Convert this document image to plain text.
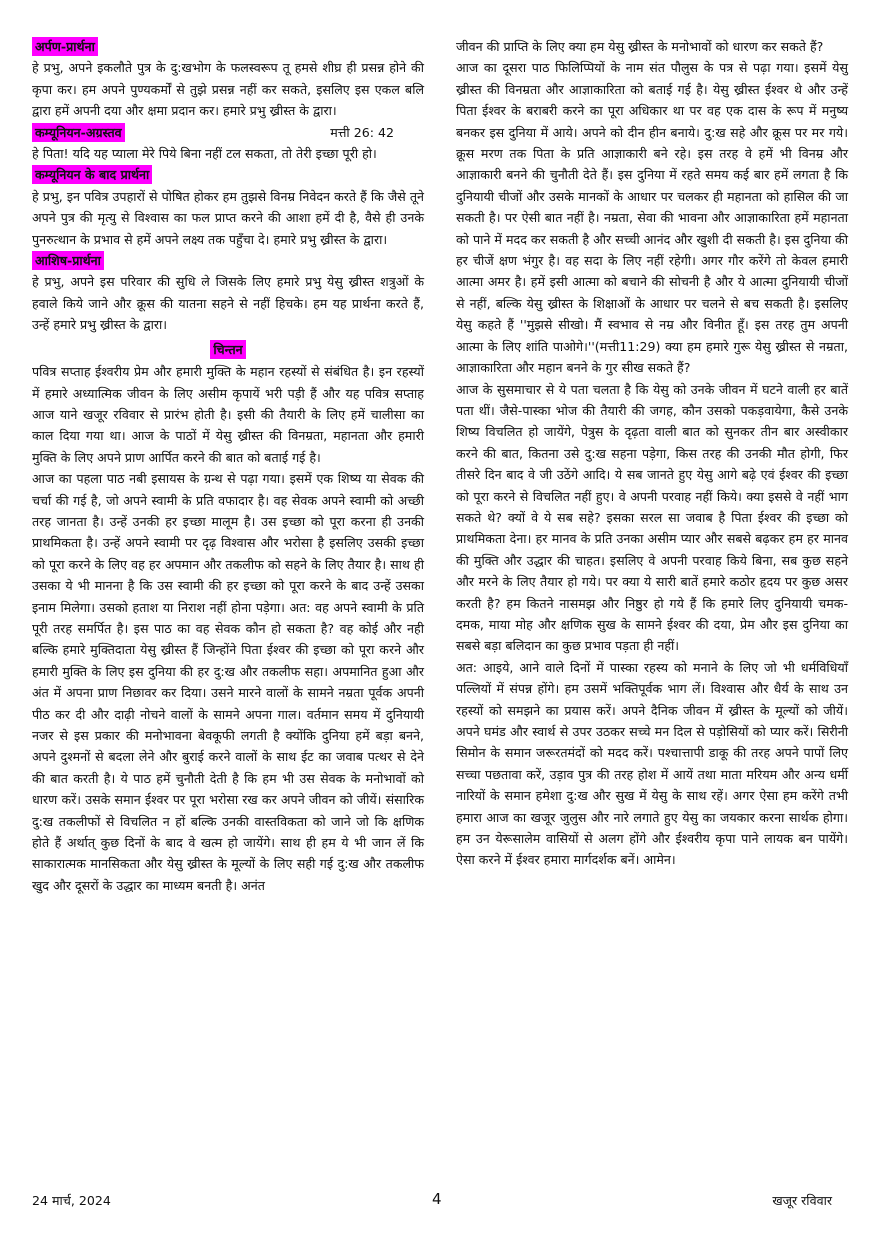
अर्पण-प्रार्थना

हे प्रभु, अपने इकलौते पुत्र के दु:खभोग के फलस्वरूप तू हमसे शीघ्र ही प्रसन्न होने की कृपा कर। हम अपने पुण्यकर्मों से तुझे प्रसन्न नहीं कर सकते, इसलिए इस एकल बलि द्वारा हमें अपनी दया और क्षमा प्रदान कर। हमारे प्रभु ख्रीस्त के द्वारा।

कम्यूनियन-अग्रस्तव	मत्ती 26: 42

हे पिता! यदि यह प्याला मेरे पिये बिना नहीं टल सकता, तो तेरी इच्छा पूरी हो।

कम्यूनियन के बाद प्रार्थना

हे प्रभु, इन पवित्र उपहारों से पोषित होकर हम तुझसे विनम्र निवेदन करते हैं कि जैसे तूने अपने पुत्र की मृत्यु से विश्वास का फल प्राप्त करने की आशा हमें दी है, वैसे ही उनके पुनरुत्थान के प्रभाव से हमें अपने लक्ष्य तक पहुँचा दे। हमारे प्रभु ख्रीस्त के द्वारा।

आशिष-प्रार्थना

हे प्रभु, अपने इस परिवार की सुधि ले जिसके लिए हमारे प्रभु येसु ख्रीस्त शत्रुओं के हवाले किये जाने और क्रूस की यातना सहने से नहीं हिचके। हम यह प्रार्थना करते हैं, उन्हें हमारे प्रभु ख्रीस्त के द्वारा।

चिन्तन

पवित्र सप्ताह ईश्वरीय प्रेम और हमारी मुक्ति के महान रहस्यों से संबंधित है। इन रहस्यों में हमारे अध्यात्मिक जीवन के लिए असीम कृपायें भरी पड़ी हैं और यह पवित्र सप्ताह आज याने खजूर रविवार से प्रारंभ होती है। इसी की तैयारी के लिए हमें चालीसा का काल दिया गया था। आज के पाठों में येसु ख्रीस्त की विनम्रता, महानता और हमारी मुक्ति के लिए अपने प्राण आर्पित करने की बात को बताई गई है।

आज का पहला पाठ नबी इसायस के ग्रन्थ से पढ़ा गया। इसमें एक शिष्य या सेवक की चर्चा की गई है, जो अपने स्वामी के प्रति वफादार है। वह सेवक अपने स्वामी को अच्छी तरह जानता है। उन्हें उनकी हर इच्छा मालूम है। उस इच्छा को पूरा करना ही उनकी प्राथमिकता है। उन्हें अपने स्वामी पर दृढ़ विश्वास और भरोसा है इसलिए उसकी इच्छा को पूरा करने के लिए वह हर अपमान और तकलीफ को सहने के लिए तैयार है। साथ ही उसका ये भी मानना है कि उस स्वामी की हर इच्छा को पूरा करने के बाद उन्हें उसका इनाम मिलेगा। उसको हताश या निराश नहीं होना पड़ेगा। अत: वह अपने स्वामी के प्रति पूरी तरह समर्पित है। इस पाठ का वह सेवक कौन हो सकता है? वह कोई और नही बल्कि हमारे मुक्तिदाता येसु ख्रीस्त हैं जिन्होंने पिता ईश्वर की इच्छा को पूरा करने और हमारी मुक्ति के लिए इस दुनिया की हर दु:ख और तकलीफ सहा। अपमानित हुआ और अंत में अपना प्राण निछावर कर दिया। उसने मारने वालों के सामने नम्रता पूर्वक अपनी पीठ कर दी और दाढ़ी नोचने वालों के सामने अपना गाल। वर्तमान समय में दुनियायी नजर से इस प्रकार की मनोभावना बेवकूफी लगती है क्योंकि दुनिया हमें बड़ा बनने, अपने दुश्मनों से बदला लेने और बुराई करने वालों के साथ ईट का जवाब पत्थर से देने की बात करती है। ये पाठ हमें चुनौती देती है कि हम भी उस सेवक के मनोभावों को धारण करें। उसके समान ईश्वर पर पूरा भरोसा रख कर अपने जीवन को जीयें। संसारिक दु:ख तकलीफों से विचलित न हों बल्कि उनकी वास्तविकता को जाने जो कि क्षणिक होते हैं अर्थात् कुछ दिनों के बाद वे खत्म हो जायेंगे। साथ ही हम ये भी जान लें कि साकारात्मक मानसिकता और येसु ख्रीस्त के मूल्यों के लिए सही गई दु:ख और तकलीफ खुद और दूसरों के उद्धार का माध्यम बनती है। अनंत

जीवन की प्राप्ति के लिए क्या हम येसु ख्रीस्त के मनोभावों को धारण कर सकते हैं?

आज का दूसरा पाठ फिलिप्पियों के नाम संत पौलुस के पत्र से पढ़ा गया। इसमें येसु ख्रीस्त की विनम्रता और आज्ञाकारिता को बताई गई है। येसु ख्रीस्त ईश्वर थे और उन्हें पिता ईश्वर के बराबरी करने का पूरा अधिकार था पर वह एक दास के रूप में मनुष्य बनकर इस दुनिया में आये। अपने को दीन हीन बनाये। दु:ख सहे और क्रूस पर मर गये। क्रूस मरण तक पिता के प्रति आज्ञाकारी बने रहे। इस तरह वे हमें भी विनम्र और आज्ञाकारी बनने की चुनौती देते हैं। इस दुनिया में रहते समय कई बार हमें लगता है कि दुनियायी चीजों और उसके मानकों के आधार पर चलकर ही महानता को हासिल की जा सकती है। पर ऐसी बात नहीं है। नम्रता, सेवा की भावना और आज्ञाकारिता हमें महानता को पाने में मदद कर सकती है और सच्ची आनंद और खुशी दी सकती है। इस दुनिया की हर चीजें क्षण भंगुर है। वह सदा के लिए नहीं रहेगी। अगर गौर करेंगे तो केवल हमारी आत्मा अमर है। हमें इसी आत्मा को बचाने की सोचनी है और ये आत्मा दुनियायी चीजों से नहीं, बल्कि येसु ख्रीस्त के शिक्षाओं के आधार पर चलने से बच सकती है। इसलिए येसु कहते हैं ''मुझसे सीखो। मैं स्वभाव से नम्र और विनीत हूँ। इस तरह तुम अपनी आत्मा के लिए शांति पाओगे।''(मत्ती11:29) क्या हम हमारे गुरू येसु ख्रीस्त से नम्रता, आज्ञाकारिता और महान बनने के गुर सीख सकते हैं?

आज के सुसमाचार से ये पता चलता है कि येसु को उनके जीवन में घटने वाली हर बातें पता थीं। जैसे-पास्का भोज की तैयारी की जगह, कौन उसको पकड़वायेगा, कैसे उनके शिष्य विचलित हो जायेंगे, पेत्रुस के दृढ़ता वाली बात को सुनकर तीन बार अस्वीकार करने की बात, कितना उसे दु:ख सहना पड़ेगा, किस तरह की उनकी मौत होगी, फिर तीसरे दिन बाद वे जी उठेंगे आदि। ये सब जानते हुए येसु आगे बढ़े एवं ईश्वर की इच्छा को पूरा करने से विचलित नहीं हुए। वे अपनी परवाह नहीं किये। क्या इससे वे नहीं भाग सकते थे? क्यों वे ये सब सहे? इसका सरल सा जवाब है पिता ईश्वर की इच्छा को प्राथमिकता देना। हर मानव के प्रति उनका असीम प्यार और सबसे बढ़कर हम हर मानव की मुक्ति और उद्धार की चाहत। इसलिए वे अपनी परवाह किये बिना, सब कुछ सहने और मरने के लिए तैयार हो गये। पर क्या ये सारी बातें हमारे कठोर हृदय पर कुछ असर करती है? हम कितने नासमझ और निष्ठुर हो गये हैं कि हमारे लिए दुनियायी चमक-दमक, माया मोह और क्षणिक सुख के सामने ईश्वर की दया, प्रेम और इस दुनिया का सबसे बड़ा बलिदान का कुछ प्रभाव पड़ता ही नहीं।

अत: आइये, आने वाले दिनों में पास्का रहस्य को मनाने के लिए जो भी धर्मविधियाँ पल्लियों में संपन्न होंगे। हम उसमें भक्तिपूर्वक भाग लें। विश्वास और धैर्य के साथ उन रहस्यों को समझने का प्रयास करें। अपने दैनिक जीवन में ख्रीस्त के मूल्यों को जीयें। अपने घमंड और स्वार्थ से उपर उठकर सच्चे मन दिल से पड़ोसियों को प्यार करें। सिरीनी सिमोन के समान जरूरतमंदों को मदद करें। पश्चात्तापी डाकू की तरह अपने पापों लिए सच्चा पछतावा करें, उड़ाव पुत्र की तरह होश में आयें तथा माता मरियम और अन्य धर्मी नारियों के समान हमेशा दु:ख और सुख में येसु के साथ रहें। अगर ऐसा हम करेंगे तभी हमारा आज का खजूर जुलुस और नारे लगाते हुए येसु का जयकार करना सार्थक होगा। हम उन येरूसालेम वासियों से अलग होंगे और ईश्वरीय कृपा पाने लायक बन पायेंगे। ऐसा करने में ईश्वर हमारा मार्गदर्शक बनें। आमेन।

24 मार्च, 2024	4	खजूर रविवार
